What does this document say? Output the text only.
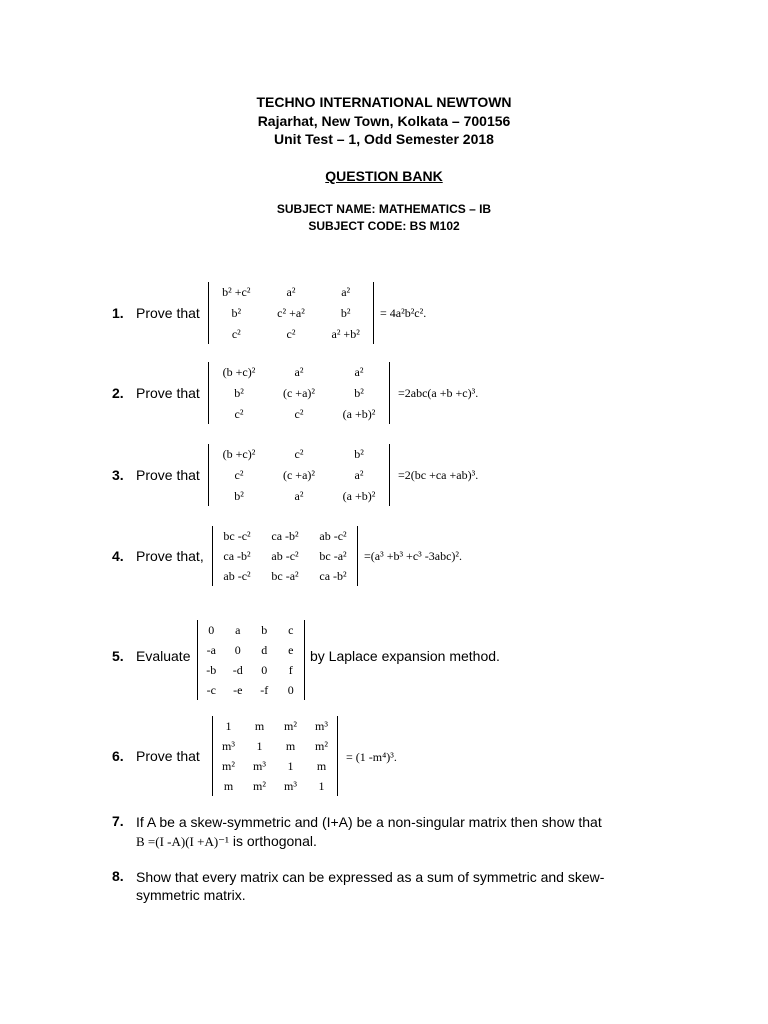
TECHNO INTERNATIONAL NEWTOWN
Rajarhat, New Town, Kolkata – 700156
Unit Test – 1, Odd Semester 2018
QUESTION BANK
SUBJECT NAME: MATHEMATICS – IB
SUBJECT CODE: BS M102
1. Prove that
b² +c²	a²	a²
b²	c² +a²	b²
c²	c²	a² +b²
= 4a²b²c².
2. Prove that
(b +c)²	a²	a²
b²	(c +a)²	b²
c²	c²	(a +b)²
=2abc(a +b +c)³.
3. Prove that
(b +c)²	c²	b²
c²	(c +a)²	a²
b²	a²	(a +b)²
=2(bc +ca +ab)³.
4. Prove that,
bc -c²	ca -b²	ab -c²
ca -b²	ab -c²	bc -a²
ab -c²	bc -a²	ca -b²
=(a³ +b³ +c³ -3abc)².
5. Evaluate
0	a	b	c
-a	0	d	e
-b	-d	0	f
-c	-e	-f	0
by Laplace expansion method.
6. Prove that
1	m	m²	m³
m³	1	m	m²
m²	m³	1	m
m	m²	m³	1
= (1 -m⁴)³.
7. If A be a skew-symmetric and (I+A) be a non-singular matrix then show that
B =(I -A)(I +A)⁻¹ is orthogonal.
8. Show that every matrix can be expressed as a sum of symmetric and skew-
symmetric matrix.
